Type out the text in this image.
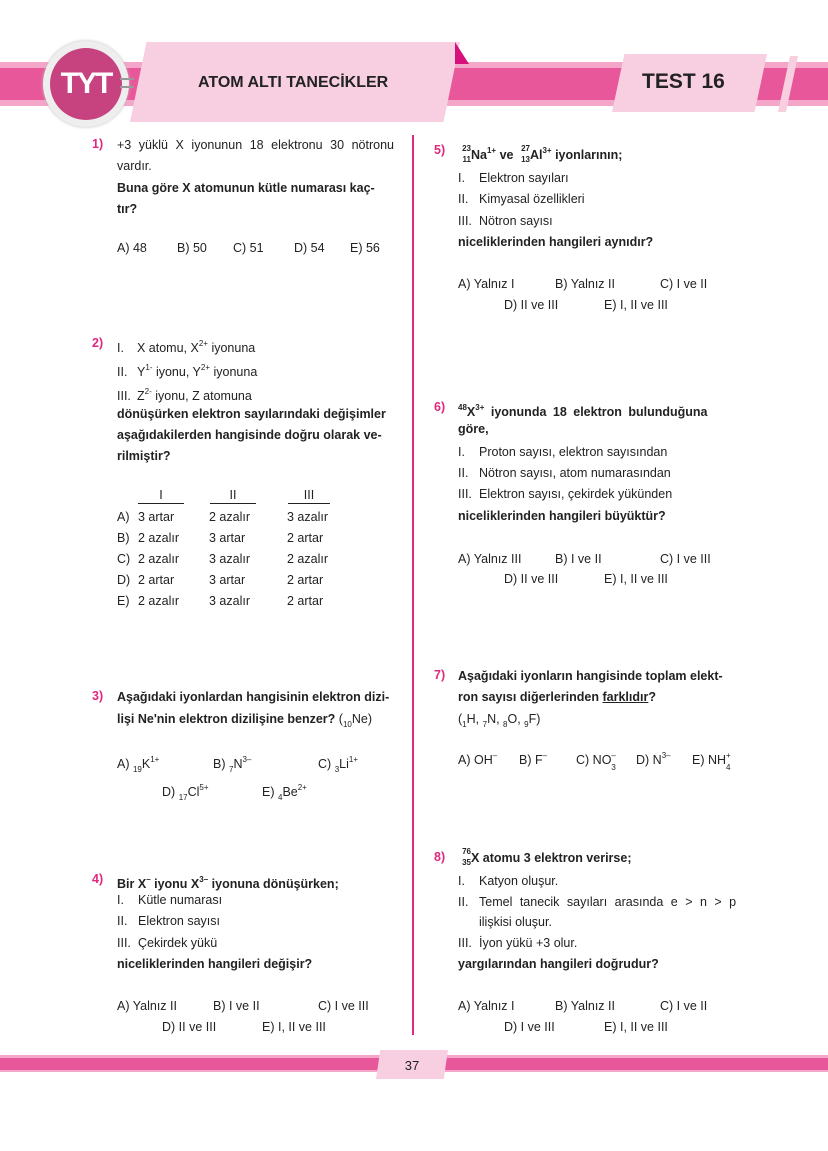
TYT	ATOM ALTI TANECİKLER	TEST 16
1) +3 yüklü X iyonunun 18 elektronu 30 nötronu
vardır.
Buna göre X atomunun kütle numarası kaç-
tır?
A) 48 B) 50 C) 51 D) 54 E) 56
2) I. X atomu, $X^{2+}$ iyonuna
II. $Y^{1-}$ iyonu, $Y^{2+}$ iyonuna
III. $Z^{2-}$ iyonu, Z atomuna
dönüşürken elektron sayılarındaki değişimler
aşağıdakilerden hangisinde doğru olarak ve-
rilmiştir?
I	II	III
A) 3 artar	2 azalır	3 azalır
B) 2 azalır 3 artar	2 artar
C) 2 azalır 3 azalır	2 azalır
D) 2 artar	3 artar	2 artar
E) 2 azalır 3 azalır	2 artar
3) Aşağıdaki iyonlardan hangisinin elektron dizi-
lişi Ne'nin elektron dizilişine benzer? $(_{10}Ne)$
A) $_{19}K^{1+}$	B) $_7N^{3-}$	C) $_3Li^{1+}$
D) $_{17}Cl^{5+}$	E) $_4Be^{2+}$
4) Bir X– iyonu $X^{3-}$ iyonuna dönüşürken;
I. Kütle numarası
II. Elektron sayısı
III. Çekirdek yükü
niceliklerinden hangileri değişir?
A) Yalnız II	B) I ve II	C) I ve III
D) II ve III	E) I, II ve III
5) 23
11 $Na^{1+}$ ve 27
13 $Al^{3+}$ iyonlarının;
I. Elektron sayıları
II. Kimyasal özellikleri
III. Nötron sayısı
niceliklerinden hangileri aynıdır?
A) Yalnız I	B) Yalnız II	C) I ve II
D) II ve III	E) I, II ve III
6) $^{48}X^{3+}$ iyonunda 18 elektron bulunduğuna
göre,
I. Proton sayısı, elektron sayısından
II. Nötron sayısı, atom numarasından
III. Elektron sayısı, çekirdek yükünden
niceliklerinden hangileri büyüktür?
A) Yalnız III	B) I ve II	C) I ve III
D) II ve III	E) I, II ve III
7) Aşağıdaki iyonların hangisinde toplam elekt-
ron sayısı diğerlerinden farklıdır?
($_1H$, $_7$N, $_8$O, $_9$F)
A) OH – B) F – C) NO –
3
D) N 3– E) NH +
4
8) 76
35 X atomu 3 elektron verirse;
I. Katyon oluşur.
II. Temel tanecik sayıları arasında e > n > p
ilişkisi oluşur.
III. İyon yükü +3 olur.
yargılarından hangileri doğrudur?
A) Yalnız I	B) Yalnız II	C) I ve II
D) I ve III	E) I, II ve III
37
